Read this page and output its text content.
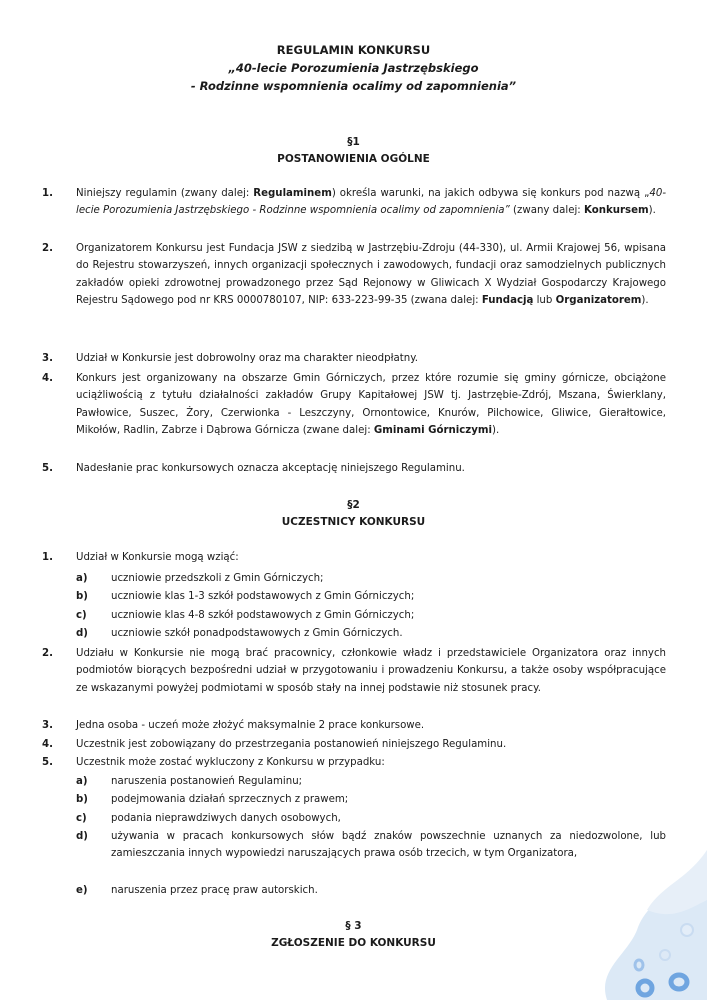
REGULAMIN KONKURSU
„40-lecie Porozumienia Jastrzębskiego
- Rodzinne wspomnienia ocalimy od zapomnienia”
§1
POSTANOWIENIA OGÓLNE
1.	Niniejszy regulamin (zwany dalej: Regulaminem) określa warunki, na jakich odbywa się konkurs pod nazwą „40-lecie Porozumienia Jastrzębskiego - Rodzinne wspomnienia ocalimy od zapomnienia” (zwany dalej: Konkursem).
2.	Organizatorem Konkursu jest Fundacja JSW z siedzibą w Jastrzębiu-Zdroju (44-330), ul. Armii Krajowej 56, wpisana do Rejestru stowarzyszeń, innych organizacji społecznych i zawodowych, fundacji oraz samodzielnych publicznych zakładów opieki zdrowotnej prowadzonego przez Sąd Rejonowy w Gliwicach X Wydział Gospodarczy Krajowego Rejestru Sądowego pod nr KRS 0000780107, NIP: 633-223-99-35 (zwana dalej: Fundacją lub Organizatorem).
3.	Udział w Konkursie jest dobrowolny oraz ma charakter nieodpłatny.
4.	Konkurs jest organizowany na obszarze Gmin Górniczych, przez które rozumie się gminy górnicze, obciążone uciążliwością z tytułu działalności zakładów Grupy Kapitałowej JSW tj. Jastrzębie-Zdrój, Mszana, Świerklany, Pawłowice, Suszec, Żory, Czerwionka - Leszczyny, Ornontowice, Knurów, Pilchowice, Gliwice, Gierałtowice, Mikołów, Radlin, Zabrze i Dąbrowa Górnicza (zwane dalej: Gminami Górniczymi).
5.	Nadesłanie prac konkursowych oznacza akceptację niniejszego Regulaminu.
§2
UCZESTNICY KONKURSU
1.	Udział w Konkursie mogą wziąć:
a)	uczniowie przedszkoli z Gmin Górniczych;
b)	uczniowie klas 1-3 szkół podstawowych z Gmin Górniczych;
c)	uczniowie klas 4-8 szkół podstawowych z Gmin Górniczych;
d)	uczniowie szkół ponadpodstawowych z Gmin Górniczych.
2.	Udziału w Konkursie nie mogą brać pracownicy, członkowie władz i przedstawiciele Organizatora oraz innych podmiotów biorących bezpośredni udział w przygotowaniu i prowadzeniu Konkursu, a także osoby współpracujące ze wskazanymi powyżej podmiotami w sposób stały na innej podstawie niż stosunek pracy.
3.	Jedna osoba - uczeń może złożyć maksymalnie 2 prace konkursowe.
4.	Uczestnik jest zobowiązany do przestrzegania postanowień niniejszego Regulaminu.
5.	Uczestnik może zostać wykluczony z Konkursu w przypadku:
a)	naruszenia postanowień Regulaminu;
b)	podejmowania działań sprzecznych z prawem;
c)	podania nieprawdziwych danych osobowych,
d)	używania w pracach konkursowych słów bądź znaków powszechnie uznanych za niedozwolone, lub zamieszczania innych wypowiedzi naruszających prawa osób trzecich, w tym Organizatora,
e)	naruszenia przez pracę praw autorskich.
§ 3
ZGŁOSZENIE DO KONKURSU
